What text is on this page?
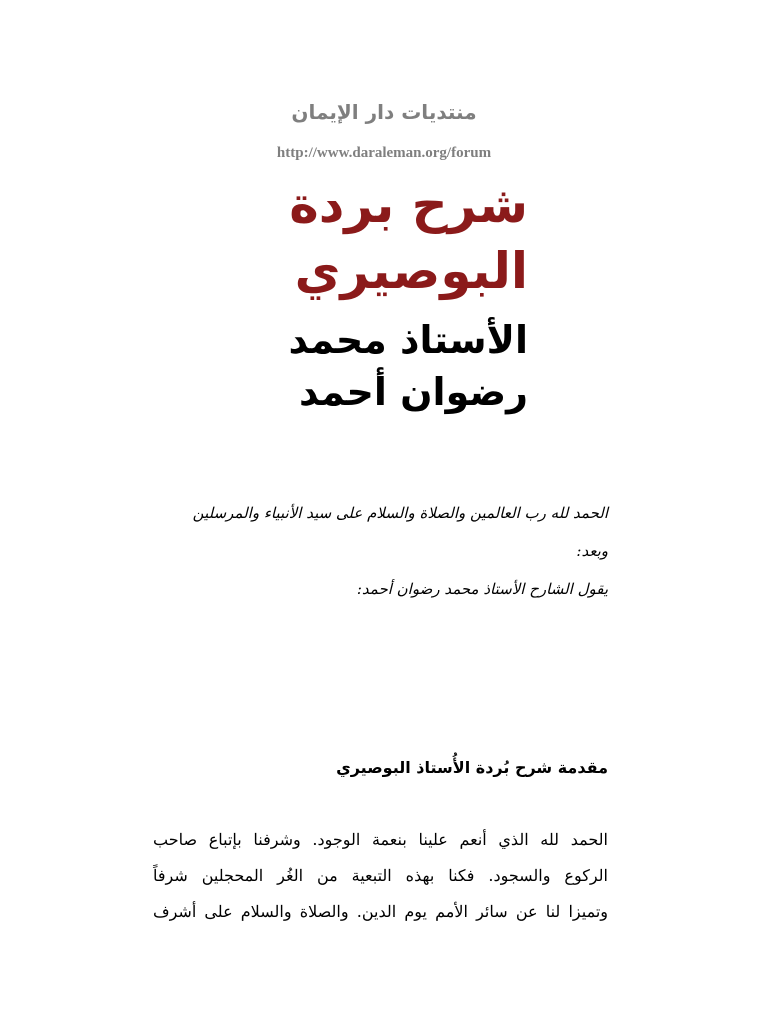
منتديات دار الإيمان
http://www.daraleman.org/forum
شرح بردة
البوصيري
الأستاذ محمد
رضوان أحمد

الحمد لله رب العالمين والصلاة والسلام على سيد الأنبياء والمرسلين

وبعد:

يقول الشارح الأستاذ محمد رضوان أحمد:

مقدمة شرح بُردة الأُستاذ البوصيري

الحمد لله الذي أنعم علينا بنعمة الوجود. وشرفنا بإتباع صاحب

الركوع والسجود. فكنا بهذه التبعية من الغُر المحجلين شرفاً

وتميزا لنا عن سائر الأمم يوم الدين. والصلاة والسلام على أشرف
